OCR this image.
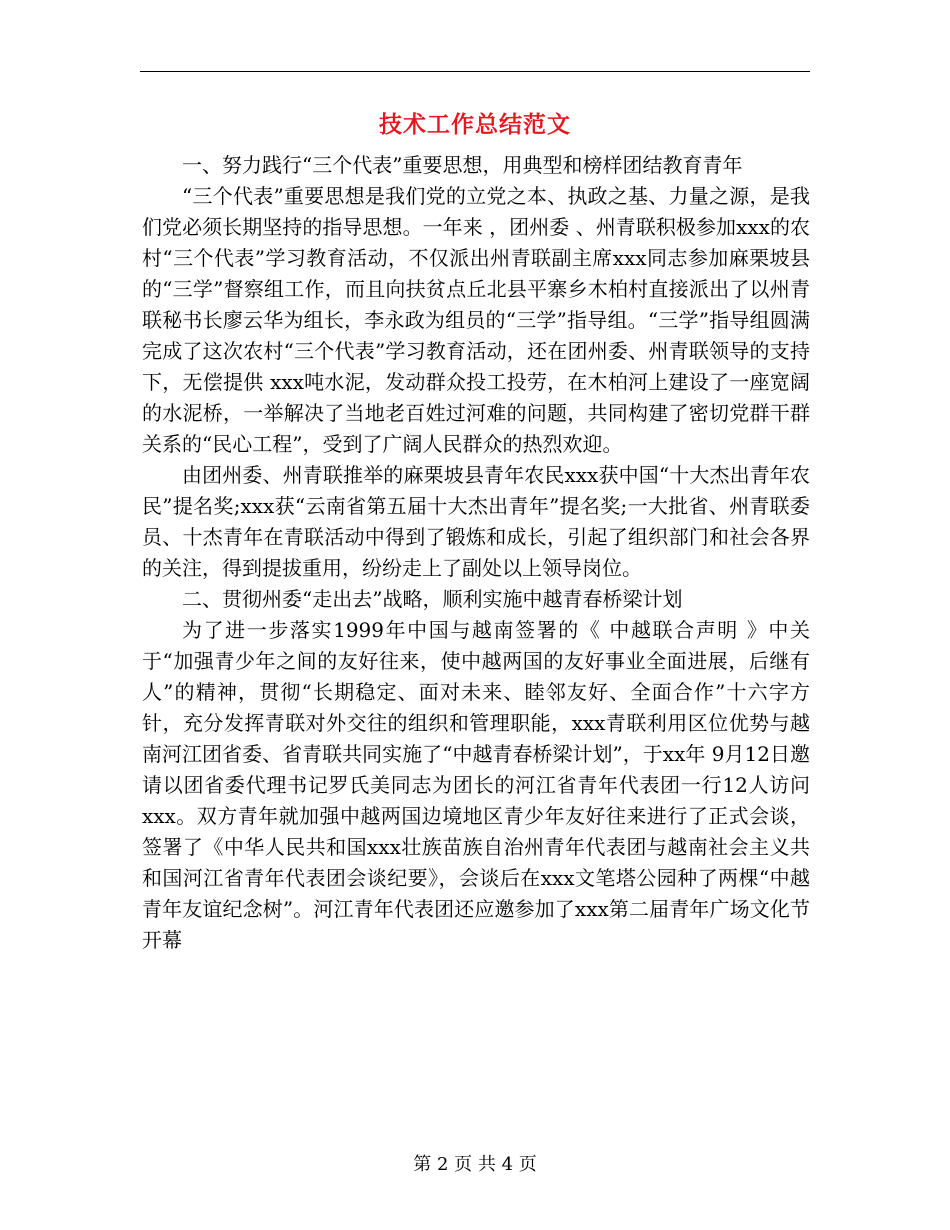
技术工作总结范文

一、努力践行“三个代表”重要思想，用典型和榜样团结教育青年

“三个代表”重要思想是我们党的立党之本、执政之基、力量之源，是我们党必须长期坚持的指导思想。一年来 ，团州委 、州青联积极参加xxx的农村“三个代表”学习教育活动，不仅派出州青联副主席xxx同志参加麻栗坡县的“三学”督察组工作，而且向扶贫点丘北县平寨乡木柏村直接派出了以州青联秘书长廖云华为组长，李永政为组员的“三学”指导组。“三学”指导组圆满完成了这次农村“三个代表”学习教育活动，还在团州委、州青联领导的支持下，无偿提供 xxx吨水泥，发动群众投工投劳，在木柏河上建设了一座宽阔的水泥桥，一举解决了当地老百姓过河难的问题，共同构建了密切党群干群关系的“民心工程”，受到了广阔人民群众的热烈欢迎。

由团州委、州青联推举的麻栗坡县青年农民xxx获中国“十大杰出青年农民”提名奖;xxx获“云南省第五届十大杰出青年”提名奖;一大批省、州青联委员、十杰青年在青联活动中得到了锻炼和成长，引起了组织部门和社会各界的关注，得到提拔重用，纷纷走上了副处以上领导岗位。

二、贯彻州委“走出去”战略，顺利实施中越青春桥梁计划

为了进一步落实1999年中国与越南签署的《 中越联合声明 》中关于“加强青少年之间的友好往来，使中越两国的友好事业全面进展，后继有人”的精神，贯彻“长期稳定、面对未来、睦邻友好、全面合作”十六字方针，充分发挥青联对外交往的组织和管理职能，xxx青联利用区位优势与越南河江团省委、省青联共同实施了“中越青春桥梁计划”，于xx年 9月12日邀请以团省委代理书记罗氏美同志为团长的河江省青年代表团一行12人访问xxx。双方青年就加强中越两国边境地区青少年友好往来进行了正式会谈，签署了《中华人民共和国xxx壮族苗族自治州青年代表团与越南社会主义共和国河江省青年代表团会谈纪要》，会谈后在xxx文笔塔公园种了两棵“中越青年友谊纪念树”。河江青年代表团还应邀参加了xxx第二届青年广场文化节开幕

第 2 页 共 4 页
